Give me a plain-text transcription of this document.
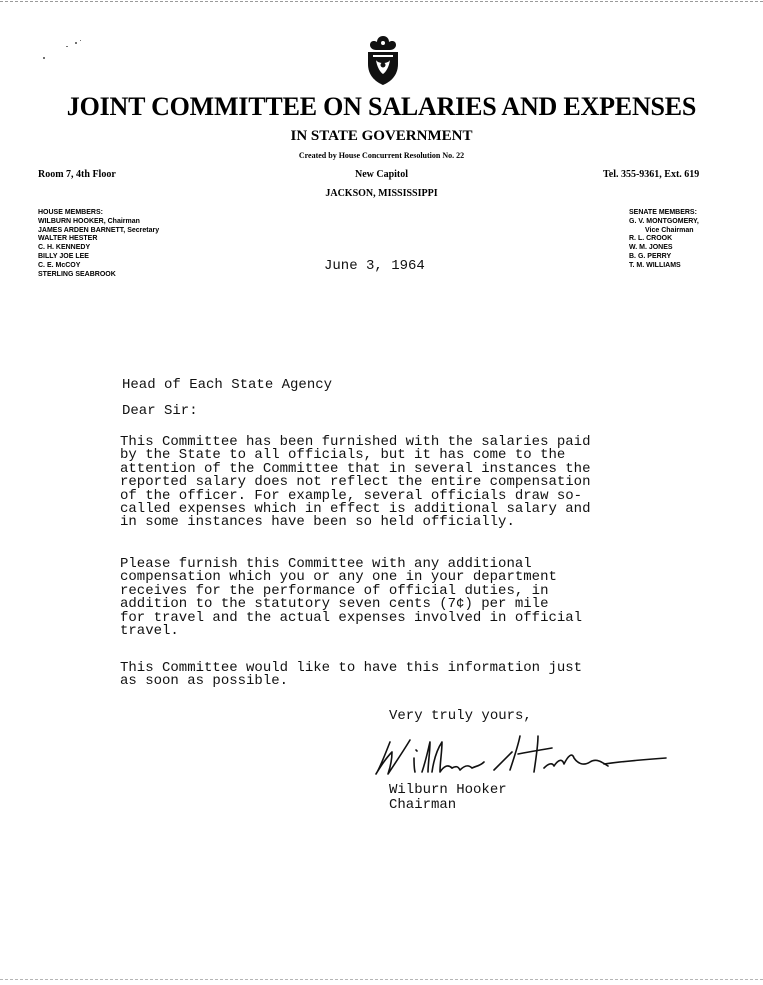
JOINT COMMITTEE ON SALARIES AND EXPENSES
IN STATE GOVERNMENT
Created by House Concurrent Resolution No. 22
Room 7, 4th Floor	New Capitol	Tel. 355-9361, Ext. 619
JACKSON, MISSISSIPPI
HOUSE MEMBERS:
WILBURN HOOKER, Chairman
JAMES ARDEN BARNETT, Secretary
WALTER HESTER
C. H. KENNEDY
BILLY JOE LEE
C. E. McCOY
STERLING SEABROOK
SENATE MEMBERS:
G. V. MONTGOMERY,
Vice Chairman
R. L. CROOK
W. M. JONES
B. G. PERRY
T. M. WILLIAMS
June 3, 1964
Head of Each State Agency
Dear Sir:
This Committee has been furnished with the salaries paid
by the State to all officials, but it has come to the
attention of the Committee that in several instances the
reported salary does not reflect the entire compensation
of the officer. For example, several officials draw so-
called expenses which in effect is additional salary and
in some instances have been so held officially.
Please furnish this Committee with any additional
compensation which you or any one in your department
receives for the performance of official duties, in
addition to the statutory seven cents (7¢) per mile
for travel and the actual expenses involved in official
travel.
This Committee would like to have this information just
as soon as possible.
Very truly yours,
Wilburn Hooker
Chairman
